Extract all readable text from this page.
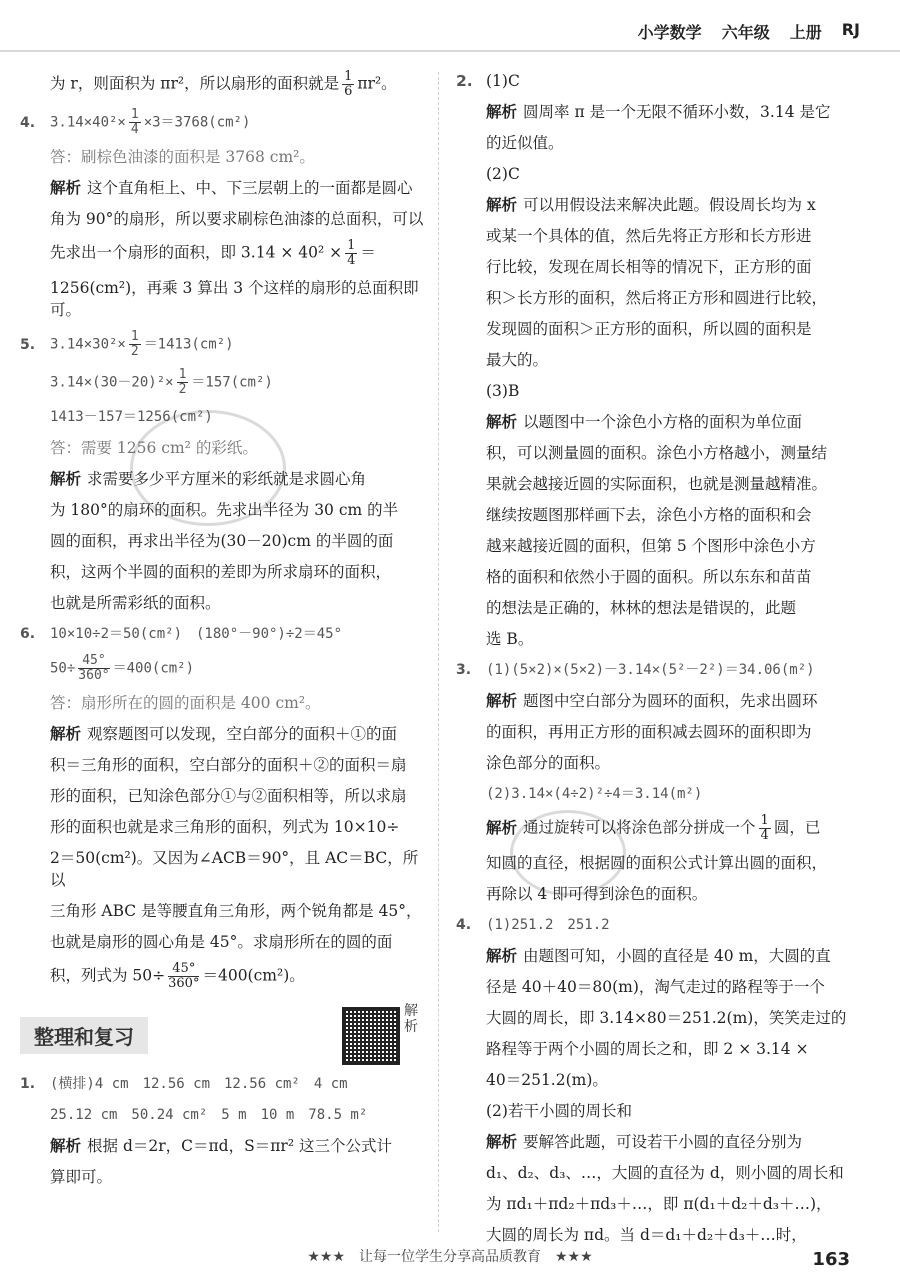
小学数学 六年级 上册 RJ
为 r，则面积为 πr²，所以扇形的面积就是 $\frac{1}{6} \pi r^2$。
4. $3.14\times 40^2\times \frac{1}{4} \times 3=3768(cm^2)$
答：刷棕色油漆的面积是 3768 cm²。
解析 这个直角柜上、中、下三层朝上的一面都是圆心
角为 90°的扇形，所以要求刷棕色油漆的总面积，可以
先求出一个扇形的面积，即 $3.14 \times 40^2 \times \frac{1}{4}$ ＝
1256(cm²)，再乘 3 算出 3 个这样的扇形的总面积即可。
5. $3.14\times 30^2\times \frac{1}{2} =1413(cm^2)$
$3.14\times(30-20)^2\times \frac{1}{2} =157(cm^2)$
1413－157＝1256(cm²)
答：需要 1256 cm² 的彩纸。
解析 求需要多少平方厘米的彩纸就是求圆心角
为 180°的扇环的面积。先求出半径为 30 cm 的半
圆的面积，再求出半径为(30－20)cm 的半圆的面
积，这两个半圆的面积的差即为所求扇环的面积，
也就是所需彩纸的面积。
6. 10×10÷2＝50(cm²)　(180°－90°)÷2＝45°
$50\div \frac{45^\circ}{360^\circ} =400(cm^2)$
答：扇形所在的圆的面积是 400 cm²。
解析 观察题图可以发现，空白部分的面积＋①的面
积＝三角形的面积，空白部分的面积＋②的面积＝扇
形的面积，已知涂色部分①与②面积相等，所以求扇
形的面积也就是求三角形的面积，列式为 10×10÷
2＝50(cm²)。又因为∠ACB＝90°，且 AC＝BC，所以
三角形 ABC 是等腰直角三角形，两个锐角都是 45°，
也就是扇形的圆心角是 45°。求扇形所在的圆的面
积，列式为 $50\div \frac{45^\circ}{360^\circ} =400(cm^2)$。
整理和复习
解析
1. (横排)4 cm　12.56 cm　12.56 cm²　4 cm
25.12 cm　50.24 cm²　5 m　10 m　78.5 m²
解析 根据 d＝2r，C＝πd，S＝πr² 这三个公式计
算即可。
2. (1)C
解析 圆周率 π 是一个无限不循环小数，3.14 是它
的近似值。
(2)C
解析 可以用假设法来解决此题。假设周长均为 x
或某一个具体的值，然后先将正方形和长方形进
行比较，发现在周长相等的情况下，正方形的面
积＞长方形的面积，然后将正方形和圆进行比较，
发现圆的面积＞正方形的面积，所以圆的面积是
最大的。
(3)B
解析 以题图中一个涂色小方格的面积为单位面
积，可以测量圆的面积。涂色小方格越小，测量结
果就会越接近圆的实际面积，也就是测量越精准。
继续按题图那样画下去，涂色小方格的面积和会
越来越接近圆的面积，但第 5 个图形中涂色小方
格的面积和依然小于圆的面积。所以东东和苗苗
的想法是正确的，林林的想法是错误的，此题
选 B。
3. (1)(5×2)×(5×2)－3.14×(5²－2²)＝34.06(m²)
解析 题图中空白部分为圆环的面积，先求出圆环
的面积，再用正方形的面积减去圆环的面积即为
涂色部分的面积。
(2)3.14×(4÷2)²÷4＝3.14(m²)
解析 通过旋转可以将涂色部分拼成一个 $\frac{1}{4}$ 圆，已
知圆的直径，根据圆的面积公式计算出圆的面积，
再除以 4 即可得到涂色的面积。
4. (1)251.2　251.2
解析 由题图可知，小圆的直径是 40 m，大圆的直
径是 40＋40＝80(m)，淘气走过的路程等于一个
大圆的周长，即 3.14×80＝251.2(m)，笑笑走过的
路程等于两个小圆的周长之和，即 2 × 3.14 ×
40＝251.2(m)。
(2)若干小圆的周长和
解析 要解答此题，可设若干小圆的直径分别为
d₁、d₂、d₃、…，大圆的直径为 d，则小圆的周长和
为 πd₁＋πd₂＋πd₃＋…，即 π(d₁＋d₂＋d₃＋…)，
大圆的周长为 πd。当 d＝d₁＋d₂＋d₃＋…时，
★★★　让每一位学生分享高品质教育　★★★	163
